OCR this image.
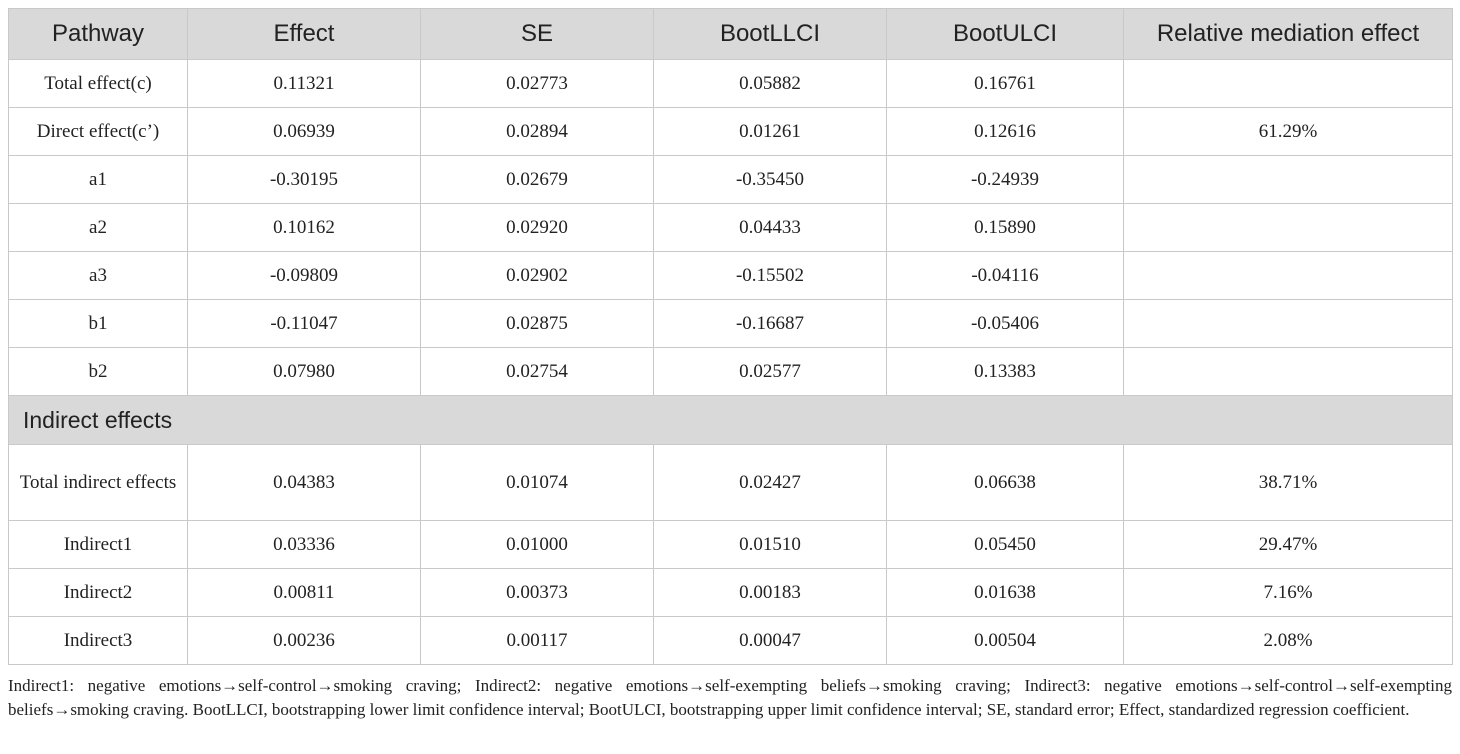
Pathway	Effect	SE	BootLLCI	BootULCI	Relative mediation effect
Total effect(c)	0.11321	0.02773	0.05882	0.16761	
Direct effect(c’)	0.06939	0.02894	0.01261	0.12616	61.29%
a1	-0.30195	0.02679	-0.35450	-0.24939	
a2	0.10162	0.02920	0.04433	0.15890	
a3	-0.09809	0.02902	-0.15502	-0.04116	
b1	-0.11047	0.02875	-0.16687	-0.05406	
b2	0.07980	0.02754	0.02577	0.13383	
Indirect effects					
Total indirect effects	0.04383	0.01074	0.02427	0.06638	38.71%
Indirect1	0.03336	0.01000	0.01510	0.05450	29.47%
Indirect2	0.00811	0.00373	0.00183	0.01638	7.16%
Indirect3	0.00236	0.00117	0.00047	0.00504	2.08%

Indirect1: negative emotions→self-control→smoking craving; Indirect2: negative emotions→self-exempting beliefs→smoking craving; Indirect3: negative emotions→self-control→self-exempting beliefs→smoking craving. BootLLCI, bootstrapping lower limit confidence interval; BootULCI, bootstrapping upper limit confidence interval; SE, standard error; Effect, standardized regression coefficient.
